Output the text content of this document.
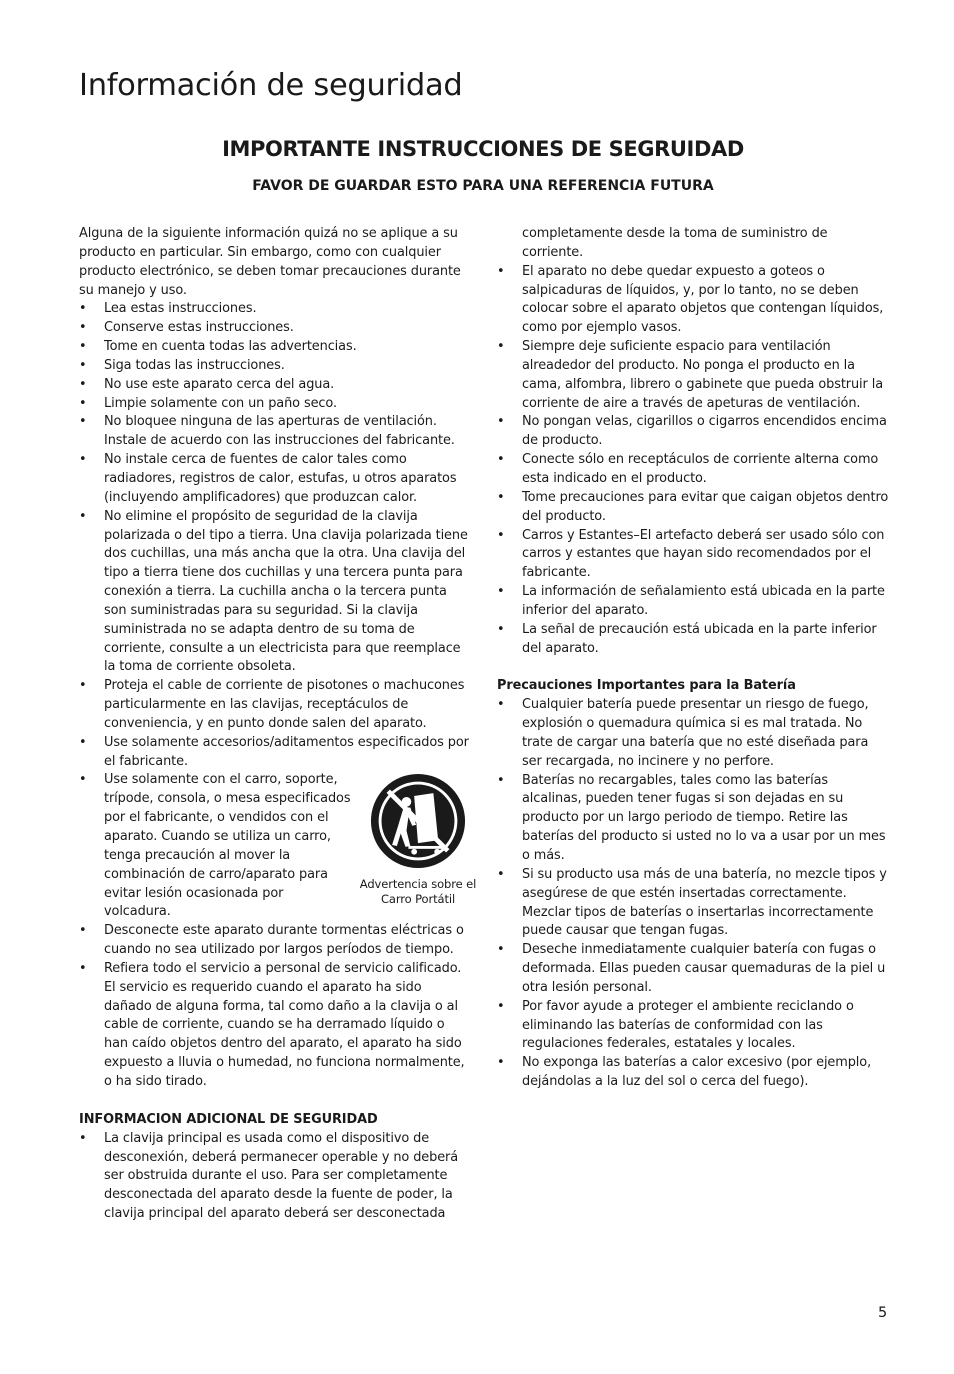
Información de seguridad
IMPORTANTE INSTRUCCIONES DE SEGRUIDAD
FAVOR DE GUARDAR ESTO PARA UNA REFERENCIA FUTURA

Alguna de la siguiente información quizá no se aplique a su producto en particular. Sin embargo, como con cualquier producto electrónico, se deben tomar precauciones durante su manejo y uso.

• Lea estas instrucciones.
• Conserve estas instrucciones.
• Tome en cuenta todas las advertencias.
• Siga todas las instrucciones.
• No use este aparato cerca del agua.
• Limpie solamente con un paño seco.
• No bloquee ninguna de las aperturas de ventilación. Instale de acuerdo con las instrucciones del fabricante.
• No instale cerca de fuentes de calor tales como radiadores, registros de calor, estufas, u otros aparatos (incluyendo amplificadores) que produzcan calor.
• No elimine el propósito de seguridad de la clavija polarizada o del tipo a tierra. Una clavija polarizada tiene dos cuchillas, una más ancha que la otra. Una clavija del tipo a tierra tiene dos cuchillas y una tercera punta para conexión a tierra. La cuchilla ancha o la tercera punta son suministradas para su seguridad. Si la clavija suministrada no se adapta dentro de su toma de corriente, consulte a un electricista para que reemplace la toma de corriente obsoleta.
• Proteja el cable de corriente de pisotones o machucones particularmente en las clavijas, receptáculos de conveniencia, y en punto donde salen del aparato.
• Use solamente accesorios/aditamentos especificados por el fabricante.
• Advertencia sobre el Carro Portátil
Use solamente con el carro, soporte, trípode, consola, o mesa especificados por el fabricante, o vendidos con el aparato. Cuando se utiliza un carro, tenga precaución al mover la combinación de carro/aparato para evitar lesión ocasionada por volcadura.
• Desconecte este aparato durante tormentas eléctricas o cuando no sea utilizado por largos períodos de tiempo.
• Refiera todo el servicio a personal de servicio calificado. El servicio es requerido cuando el aparato ha sido dañado de alguna forma, tal como daño a la clavija o al cable de corriente, cuando se ha derramado líquido o han caído objetos dentro del aparato, el aparato ha sido expuesto a lluvia o humedad, no funciona normalmente, o ha sido tirado.

INFORMACION ADICIONAL DE SEGURIDAD

• La clavija principal es usada como el dispositivo de desconexión, deberá permanecer operable y no deberá ser obstruida durante el uso. Para ser completamente desconectada del aparato desde la fuente de poder, la clavija principal del aparato deberá ser desconectada

completamente desde la toma de suministro de corriente.

• El aparato no debe quedar expuesto a goteos o salpicaduras de líquidos, y, por lo tanto, no se deben colocar sobre el aparato objetos que contengan líquidos, como por ejemplo vasos.
• Siempre deje suficiente espacio para ventilación alreadedor del producto. No ponga el producto en la cama, alfombra, librero o gabinete que pueda obstruir la corriente de aire a través de apeturas de ventilación.
• No pongan velas, cigarillos o cigarros encendidos encima de producto.
• Conecte sólo en receptáculos de corriente alterna como esta indicado en el producto.
• Tome precauciones para evitar que caigan objetos dentro del producto.
• Carros y Estantes–El artefacto deberá ser usado sólo con carros y estantes que hayan sido recomendados por el fabricante.
• La información de señalamiento está ubicada en la parte inferior del aparato.
• La señal de precaución está ubicada en la parte inferior del aparato.

Precauciones Importantes para la Batería

• Cualquier batería puede presentar un riesgo de fuego, explosión o quemadura química si es mal tratada. No trate de cargar una batería que no esté diseñada para ser recargada, no incinere y no perfore.
• Baterías no recargables, tales como las baterías alcalinas, pueden tener fugas si son dejadas en su producto por un largo periodo de tiempo. Retire las baterías del producto si usted no lo va a usar por un mes o más.
• Si su producto usa más de una batería, no mezcle tipos y asegúrese de que estén insertadas correctamente. Mezclar tipos de baterías o insertarlas incorrectamente puede causar que tengan fugas.
• Deseche inmediatamente cualquier batería con fugas o deformada. Ellas pueden causar quemaduras de la piel u otra lesión personal.
• Por favor ayude a proteger el ambiente reciclando o eliminando las baterías de conformidad con las regulaciones federales, estatales y locales.
• No exponga las baterías a calor excesivo (por ejemplo, dejándolas a la luz del sol o cerca del fuego).
5
